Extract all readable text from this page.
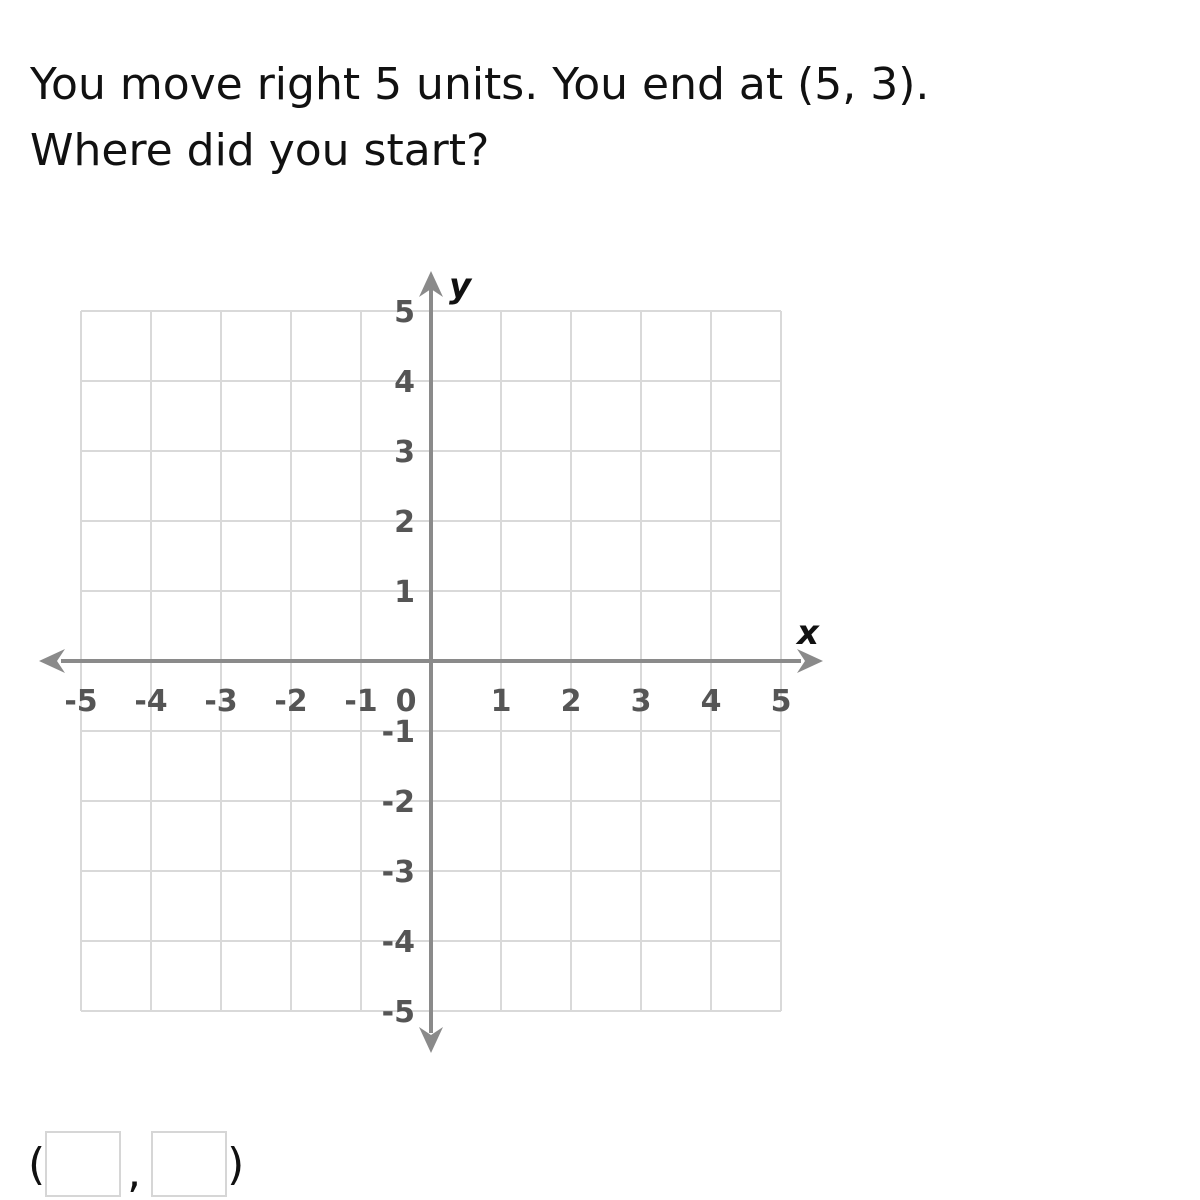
You move right 5 units. You end at (5, 3).
Where did you start?
-5 -4 -3 -2 -1	1 2 3 4 5
5
4
3
2
1
-1
-2
-3
-4
-5
x
y
0
( , )
